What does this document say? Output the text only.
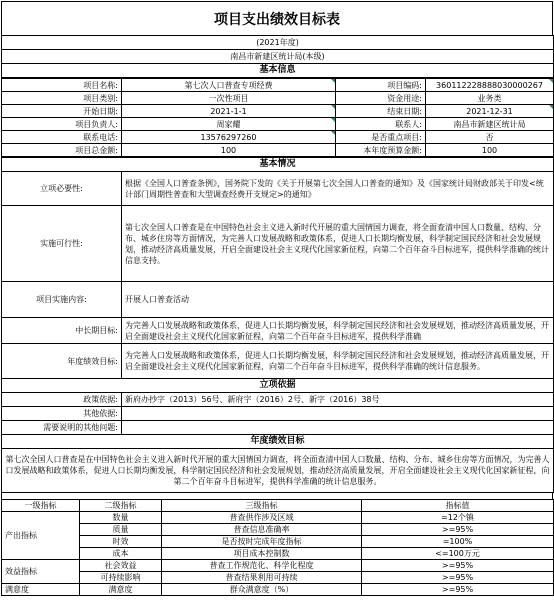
项目支出绩效目标表
(2021年度)
南昌市新建区统计局(本级)
基本信息
项目名称:	第七次人口普查专项经费	项目编码:	360112228888030000267
项目类别:	一次性项目	资金用途:	业务类
开始日期:	2021-1-1	结束日期:	2021-12-31
项目负责人:	周家耀	联系人:	南昌市新建区统计局
联系电话:	13576297260	是否重点项目:	否
项目总金额:	100	本年度预算金额:	100
基本情况	
立项必要性:	根据《全国人口普查条例》，国务院下发的《关于开展第七次全国人口普查的通知》及《国家统计局财政部关于印发<统计部门周期性普查和大型调查经费开支规定>的通知》
实施可行性:	第七次全国人口普查是在中国特色社会主义进入新时代开展的重大国情国力调查，将全面查清中国人口数量、结构、分布、城乡住房等方面情况，为完善人口发展战略和政策体系，促进人口长期均衡发展，科学制定国民经济和社会发展规划，推动经济高质量发展，开启全面建设社会主义现代化国家新征程，向第二个百年奋斗目标进军，提供科学准确的统计信息支持。
项目实施内容:	开展人口普查活动
中长期目标:	为完善人口发展战略和政策体系，促进人口长期均衡发展，科学制定国民经济和社会发展规划，推动经济高质量发展，开启全面建设社会主义现代化国家新征程，向第二个百年奋斗目标进军，提供科学准确
年度绩效目标:	为完善人口发展战略和政策体系，促进人口长期均衡发展，科学制定国民经济和社会发展规划，推动经济高质量发展，开启全面建设社会主义现代化国家新征程，向第二个百年奋斗目标进军，提供科学准确的统计信息服务。
立项依据	
政策依据:	新府办抄字（2013）56号、新府字（2016）2号、新字（2016）38号
其他依据:	
需要说明的其他问题:	
年度绩效目标	
第七次全国人口普查是在中国特色社会主义进入新时代开展的重大国情国力调查，将全面查清中国人口数量、结构、分布、城乡住房等方面情况，为完善人口发展战略和政策体系，促进人口长期均衡发展，科学制定国民经济和社会发展规划，推动经济高质量发展，开启全面建设社会主义现代化国家新征程，向第二个百年奋斗目标进军，提供科学准确的统计信息服务。	
一级指标	二级指标	三级指标	指标值
产出指标	数量	普查供作涉及区域	=12个镇
	质量	普查信息准确率	>=95%
	时效	是否按时完成年度指标	=100%
	成本	项目成本控制数	<=100万元
效益指标	社会效益	普查工作规范化、科学化程度	>=95%
	可持续影响	普查结果利用可持续	>=95%
满意度	满意度	群众满意度（%）	>=95%
